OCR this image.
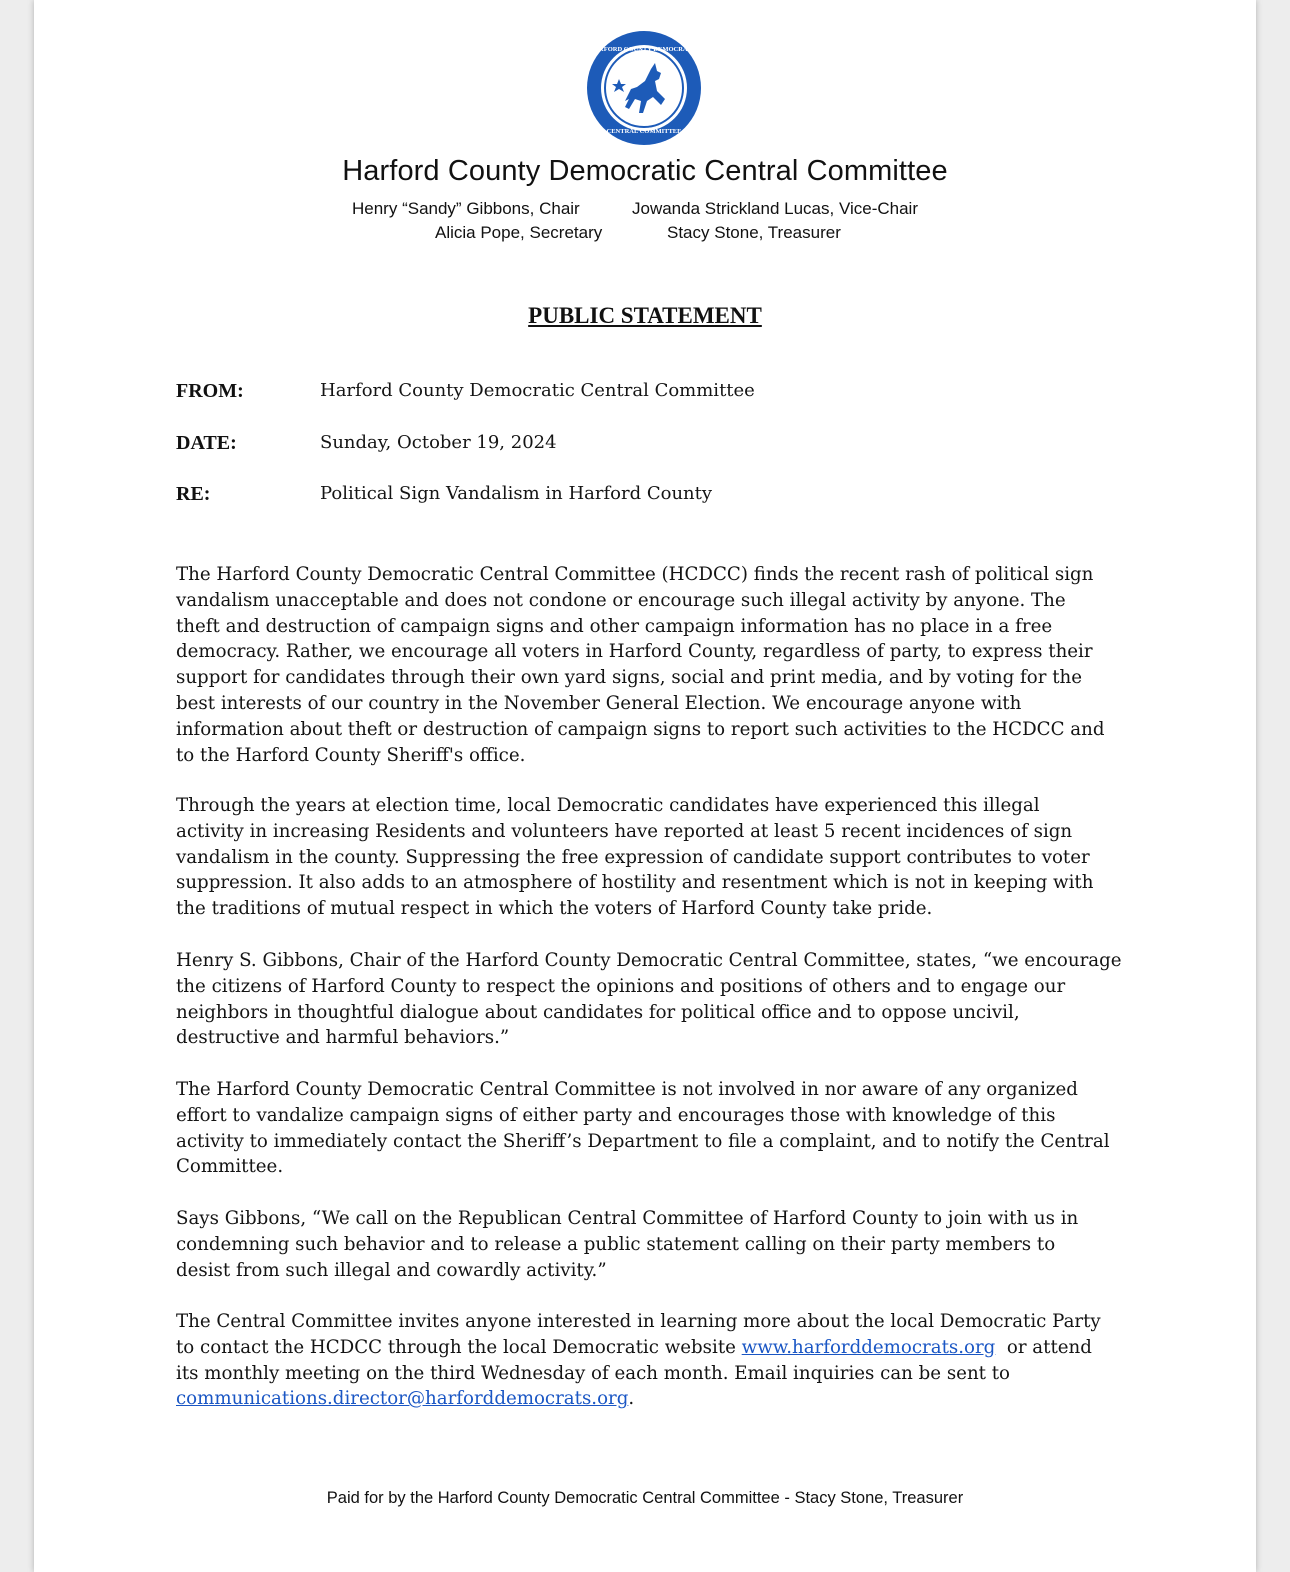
HARFORD COUNTY DEMOCRATIC
CENTRAL COMMITTEE
Harford County Democratic Central Committee
Henry “Sandy” Gibbons, Chair	Jowanda Strickland Lucas, Vice-Chair
Alicia Pope, Secretary	Stacy Stone, Treasurer
PUBLIC STATEMENT
FROM:	Harford County Democratic Central Committee
DATE:	Sunday, October 19, 2024
RE:	Political Sign Vandalism in Harford County
The Harford County Democratic Central Committee (HCDCC) finds the recent rash of political sign
vandalism unacceptable and does not condone or encourage such illegal activity by anyone. The
theft and destruction of campaign signs and other campaign information has no place in a free
democracy. Rather, we encourage all voters in Harford County, regardless of party, to express their
support for candidates through their own yard signs, social and print media, and by voting for the
best interests of our country in the November General Election. We encourage anyone with
information about theft or destruction of campaign signs to report such activities to the HCDCC and
to the Harford County Sheriff's office.
Through the years at election time, local Democratic candidates have experienced this illegal
activity in increasing Residents and volunteers have reported at least 5 recent incidences of sign
vandalism in the county. Suppressing the free expression of candidate support contributes to voter
suppression. It also adds to an atmosphere of hostility and resentment which is not in keeping with
the traditions of mutual respect in which the voters of Harford County take pride.
Henry S. Gibbons, Chair of the Harford County Democratic Central Committee, states, “we encourage
the citizens of Harford County to respect the opinions and positions of others and to engage our
neighbors in thoughtful dialogue about candidates for political office and to oppose uncivil,
destructive and harmful behaviors.”
The Harford County Democratic Central Committee is not involved in nor aware of any organized
effort to vandalize campaign signs of either party and encourages those with knowledge of this
activity to immediately contact the Sheriff’s Department to file a complaint, and to notify the Central
Committee.
Says Gibbons, “We call on the Republican Central Committee of Harford County to join with us in
condemning such behavior and to release a public statement calling on their party members to
desist from such illegal and cowardly activity.”
The Central Committee invites anyone interested in learning more about the local Democratic Party
to contact the HCDCC through the local Democratic website www.harforddemocrats.org  or attend
its monthly meeting on the third Wednesday of each month. Email inquiries can be sent to
communications.director@harforddemocrats.org.
Paid for by the Harford County Democratic Central Committee - Stacy Stone, Treasurer
